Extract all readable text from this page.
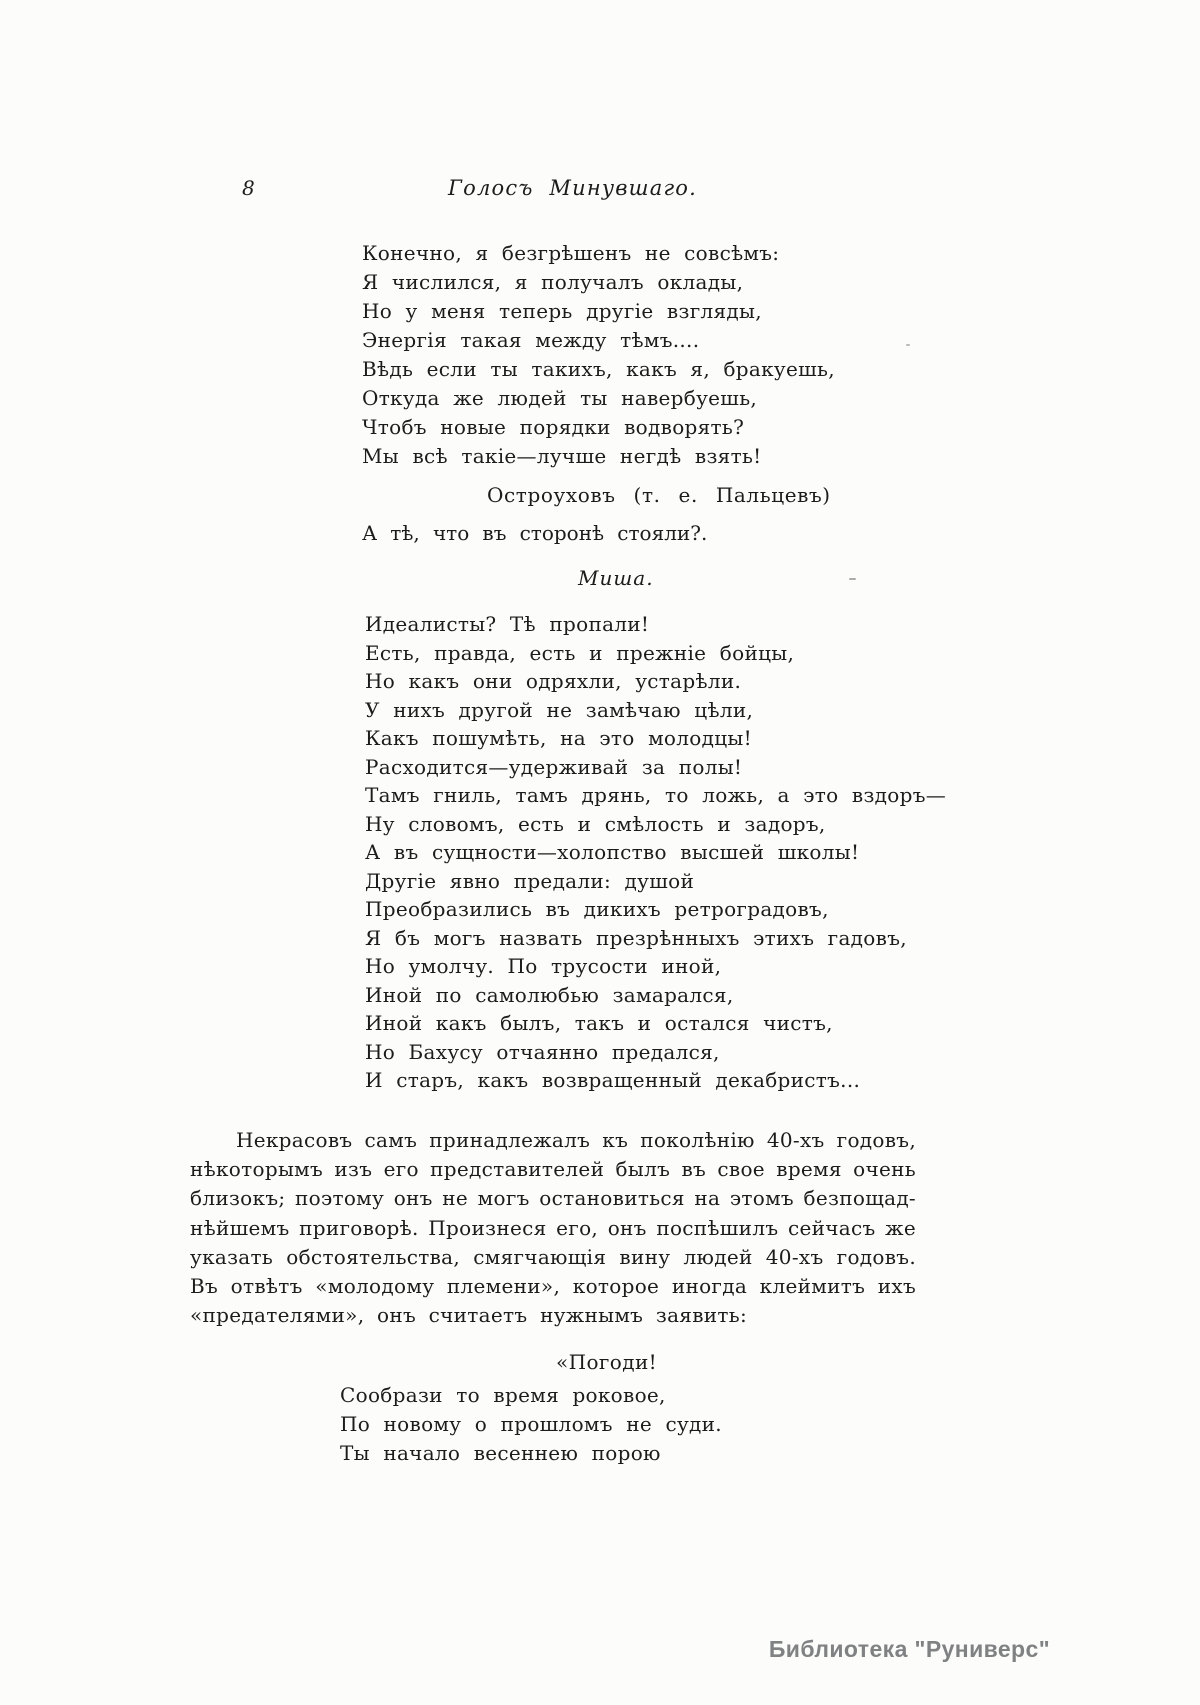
8	Голосъ Минувшаго.
Конечно, я безгрѣшенъ не совсѣмъ:
Я числился, я получалъ оклады,
Но у меня теперь другіе взгляды,
Энергія такая между тѣмъ....
Вѣдь если ты такихъ, какъ я, бракуешь,
Откуда же людей ты навербуешь,
Чтобъ новые порядки водворять?
Мы всѣ такіе—лучше негдѣ взять!
Остроуховъ (т. е. Пальцевъ)
А тѣ, что въ сторонѣ стояли?.
Миша.
Идеалисты? Тѣ пропали!
Есть, правда, есть и прежніе бойцы,
Но какъ они одряхли, устарѣли.
У нихъ другой не замѣчаю цѣли,
Какъ пошумѣть, на это молодцы!
Расходится—удерживай за полы!
Тамъ гниль, тамъ дрянь, то ложь, а это вздоръ—
Ну словомъ, есть и смѣлость и задоръ,
А въ сущности—холопство высшей школы!
Другіе явно предали: душой
Преобразились въ дикихъ ретроградовъ,
Я бъ могъ назвать презрѣнныхъ этихъ гадовъ,
Но умолчу. По трусости иной,
Иной по самолюбью замарался,
Иной какъ былъ, такъ и остался чистъ,
Но Бахусу отчаянно предался,
И старъ, какъ возвращенный декабристъ...
Некрасовъ самъ принадлежалъ къ поколѣнію 40-хъ годовъ,
нѣкоторымъ изъ его представителей былъ въ свое время очень
близокъ; поэтому онъ не могъ остановиться на этомъ безпощад-
нѣйшемъ приговорѣ. Произнеся его, онъ поспѣшилъ сейчасъ же
указать обстоятельства, смягчающія вину людей 40-хъ годовъ.
Въ отвѣтъ «молодому племени», которое иногда клеймитъ ихъ
«предателями», онъ считаетъ нужнымъ заявить:
«Погоди!
Сообрази то время роковое,
По новому о прошломъ не суди.
Ты начало весеннею порою
Библиотека "Руниверс"
